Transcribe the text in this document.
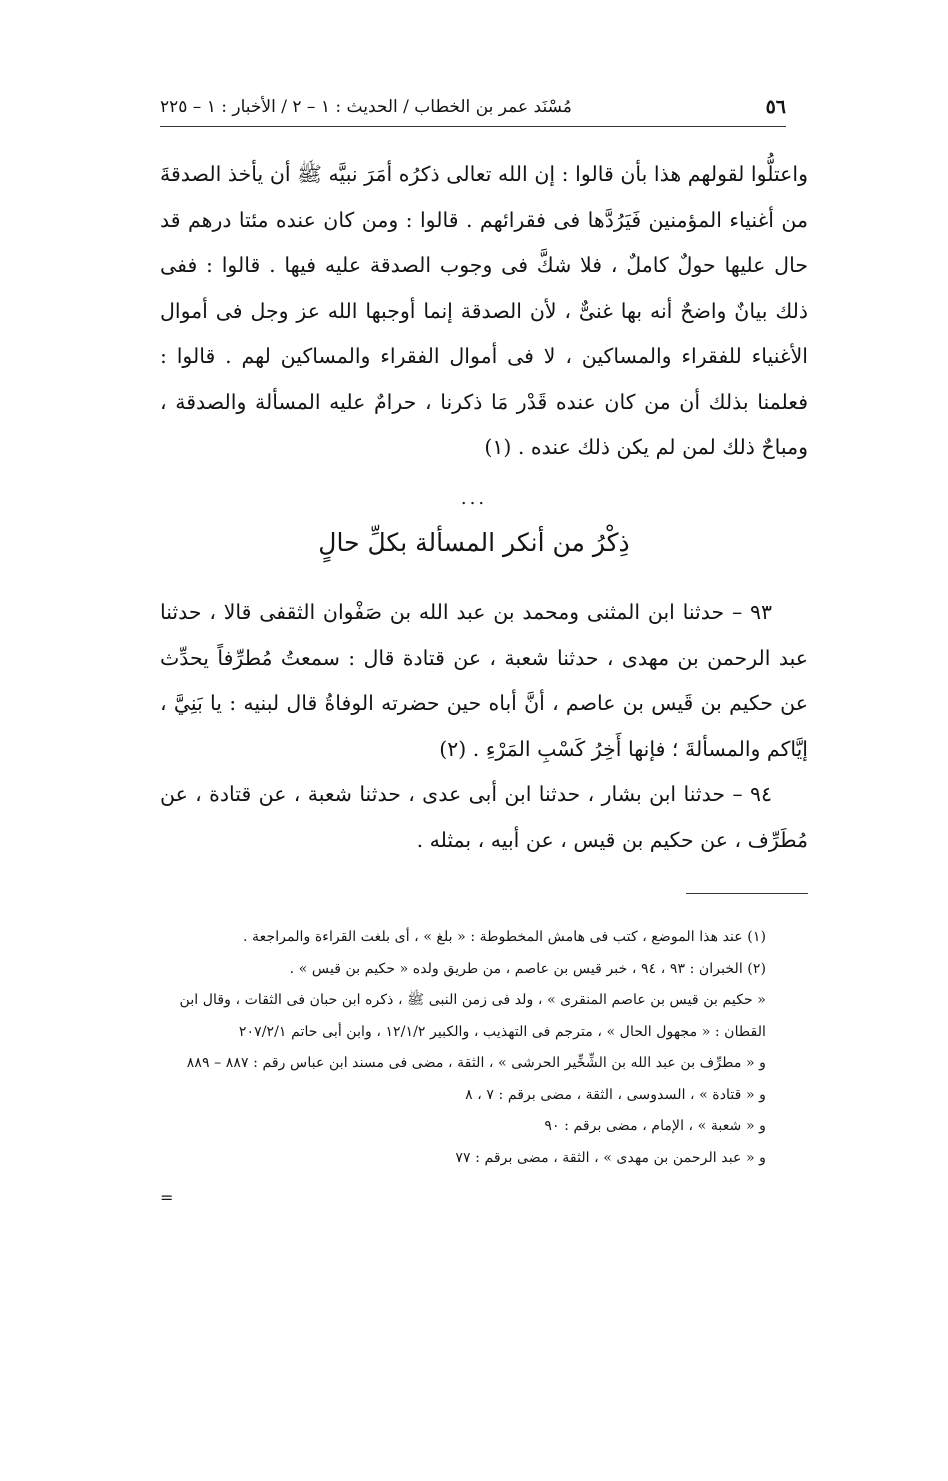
٥٦
مُسْنَد عمر بن الخطاب / الحديث : ١ – ٢ / الأخبار : ١ – ٢٢٥
واعتلُّوا لقولهم هذا بأن قالوا : إن الله تعالى ذكرُه أمَرَ نبيَّه ﷺ أن يأخذ الصدقةَ من أغنياء المؤمنين فَيَرُدَّها فى فقرائهم . قالوا : ومن كان عنده مئتا درهم قد حال عليها حولٌ كاملٌ ، فلا شكَّ فى وجوب الصدقة عليه فيها . قالوا : ففى ذلك بيانٌ واضحٌ أنه بها غنىٌّ ، لأن الصدقة إنما أوجبها الله عز وجل فى أموال الأغنياء للفقراء والمساكين ، لا فى أموال الفقراء والمساكين لهم . قالوا : فعلمنا بذلك أن من كان عنده قَدْر مَا ذكرنا ، حرامٌ عليه المسألة والصدقة ، ومباحٌ ذلك لمن لم يكن ذلك عنده . (١)
...
ذِكْرُ من أنكر المسألة بكلِّ حالٍ
٩٣ – حدثنا ابن المثنى ومحمد بن عبد الله بن صَفْوان الثقفى قالا ، حدثنا عبد الرحمن بن مهدى ، حدثنا شعبة ، عن قتادة قال : سمعتُ مُطرِّفاً يحدِّث عن حكيم بن قَيس بن عاصم ، أنَّ أباه حين حضرته الوفاةُ قال لبنيه : يا بَنِيَّ ، إيَّاكم والمسألةَ ؛ فإنها أَخِرُ كَسْبِ المَرْءِ . (٢)
٩٤ – حدثنا ابن بشار ، حدثنا ابن أبى عدى ، حدثنا شعبة ، عن قتادة ، عن مُطَرِّف ، عن حكيم بن قيس ، عن أبيه ، بمثله .

(١) عند هذا الموضع ، كتب فى هامش المخطوطة : « بلغ » ، أى بلغت القراءة والمراجعة .

(٢) الخبران : ٩٣ ، ٩٤ ، خبر قيس بن عاصم ، من طريق ولده « حكيم بن قيس » .

« حكيم بن قيس بن عاصم المنقرى » ، ولد فى زمن النبى ﷺ ، ذكره ابن حبان فى الثقات ، وقال ابن القطان : « مجهول الحال » ، مترجم فى التهذيب ، والكبير ١٢/١/٢ ، وابن أبى حاتم ٢٠٧/٢/١

و « مطرِّف بن عبد الله بن الشِّخِّير الحرشى » ، الثقة ، مضى فى مسند ابن عباس رقم : ٨٨٧ – ٨٨٩

و « قتادة » ، السدوسى ، الثقة ، مضى برقم : ٧ ، ٨

و « شعبة » ، الإمام ، مضى برقم : ٩٠

و « عبد الرحمن بن مهدى » ، الثقة ، مضى برقم : ٧٧

=
